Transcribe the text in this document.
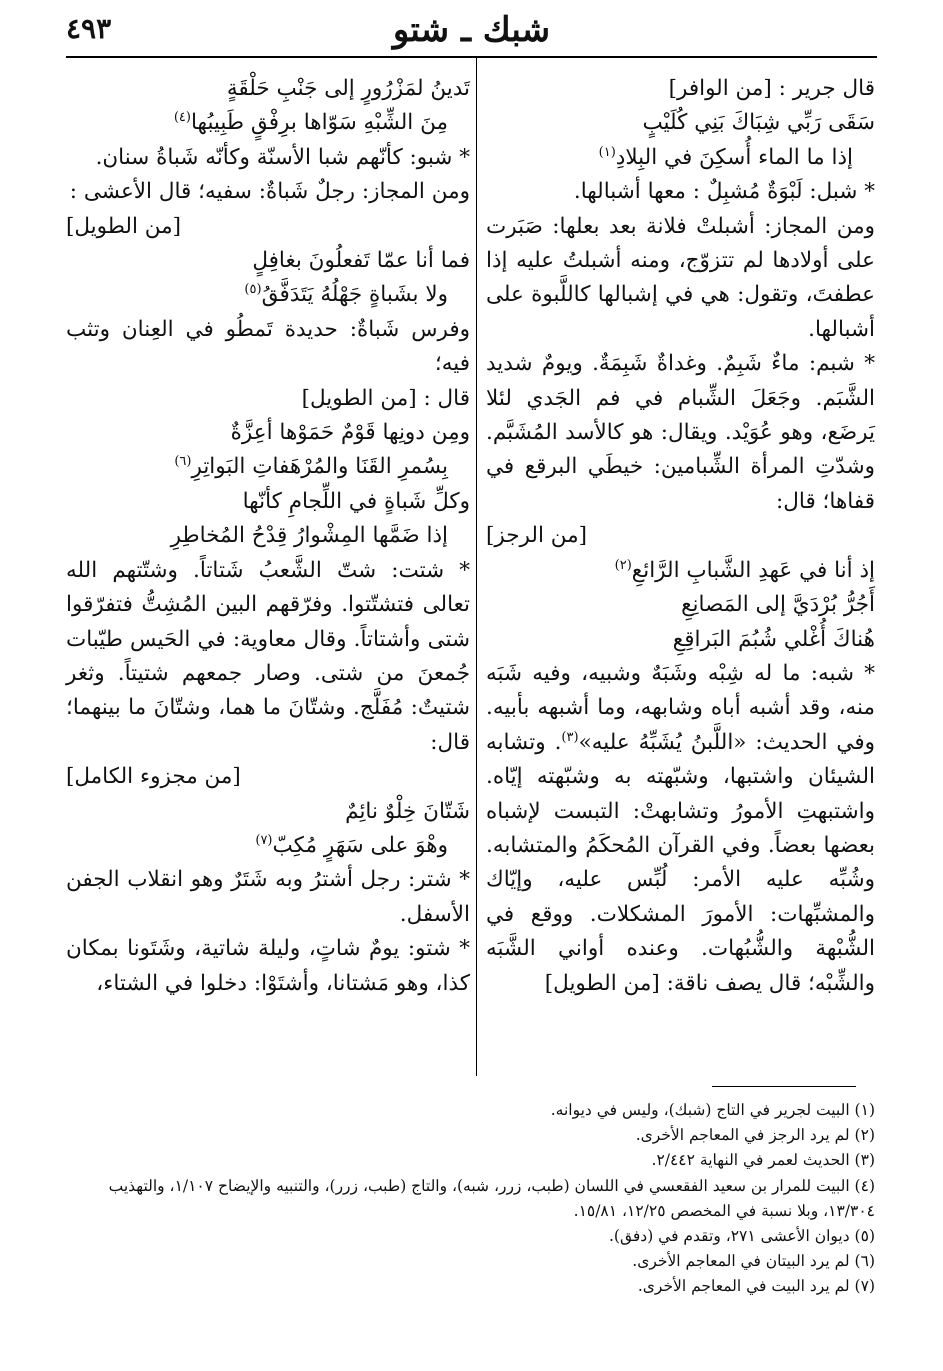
٤٩٣	شبك ـ شتو
قال جرير : [من الوافر]
سَقَى رَبِّي شِبَاكَ بَنِي كُلَيْبٍ
إذا ما الماء أُسكِنَ في البِلادِ$^{(١)}$
* شبل: لَبْوَةٌ مُشبِلٌ : معها أشبالها.
ومن المجاز: أشبلتْ فلانة بعد بعلها: صَبَرت على أولادها لم تتزوّج، ومنه أشبلتُ عليه إذا عطفتَ، وتقول: هي في إشبالها كاللَّبوة على أشبالها.
* شبم: ماءٌ شَبِمٌ. وغداةٌ شَبِمَةٌ. ويومٌ شديد الشَّبَم. وجَعَلَ الشِّبام في فم الجَدي لئلا يَرضَع، وهو عُوَيْد. ويقال: هو كالأسد المُشَبَّم. وشدّتِ المرأة الشِّبامين: خيطَي البرقع في قفاها؛ قال:
[من الرجز]
إذ أنا في عَهدِ الشَّبابِ الرَّائعِ$^{(٢)}$
أَجُرُّ بُرْدَيَّ إلى المَصانِعِ
هُناكَ أُغْلي شُبُمَ البَراقِعِ
* شبه: ما له شِبْه وشَبَهٌ وشبيه، وفيه شَبَه منه، وقد أشبه أباه وشابهه، وما أشبهه بأبيه. وفي الحديث: «اللَّبنُ يُشَبِّهُ عليه»$^{(٣)}$. وتشابه الشيئان واشتبها، وشبّهته به وشبّهته إيّاه. واشتبهتِ الأمورُ وتشابهتْ: التبست لإشباه بعضها بعضاً. وفي القرآن المُحكَمُ والمتشابه. وشُبِّه عليه الأمر: لُبِّس عليه، وإيّاك والمشبِّهات: الأمورَ المشكلات. ووقع في الشُّبْهة والشُّبُهات. وعنده أواني الشَّبَه والشِّبْه؛ قال يصف ناقة: [من الطويل]
تَدينُ لمَزْرُورٍ إلى جَنْبِ حَلْقَةٍ
مِنَ الشِّبْهِ سَوّاها برِفْقٍ طَبِيبُها$^{(٤)}$
* شبو: كأنّهم شبا الأسنّة وكأنّه شَباةُ سنان.
ومن المجاز: رجلٌ شَباةٌ: سفيه؛ قال الأعشى :
[من الطويل]
فما أنا عمّا تَفعلُونَ بغافِلٍ
ولا بشَباةٍ جَهْلُهُ يَتَدَفَّقُ$^{(٥)}$
وفرس شَباةٌ: حديدة تَمطُو في العِنان وتثب فيه؛
قال : [من الطويل]
ومِن دونِها قَوْمٌ حَمَوْها أعِزَّةٌ
بِسُمرِ القَنَا والمُرْهَفاتِ البَواتِرِ$^{(٦)}$
وكلِّ شَباةٍ في اللِّجامِ كأنّها
إذا ضَمَّها المِشْوارُ قِدْحُ المُخاطِرِ
* شتت: شتّ الشَّعبُ شَتاتاً. وشتّتهم الله تعالى فتشتّتوا. وفرّقهم البين المُشِتُّ فتفرّقوا شتى وأشتاتاً. وقال معاوية: في الحَيس طيّبات جُمعنَ من شتى. وصار جمعهم شتيتاً. وثغر شتيتٌ: مُفَلَّج. وشتّانَ ما هما، وشتّانَ ما بينهما؛ قال:
[من مجزوء الكامل]
شَتّانَ خِلْوٌ نائِمٌ
وهْوَ على سَهَرٍ مُكِبّ$^{(٧)}$
* شتر: رجل أشترُ وبه شَتَرٌ وهو انقلاب الجفن الأسفل.
* شتو: يومٌ شاتٍ، وليلة شاتية، وشَتَونا بمكان كذا، وهو مَشتانا، وأشتَوْا: دخلوا في الشتاء،
(١) البيت لجرير في التاج (شبك)، وليس في ديوانه.
(٢) لم يرد الرجز في المعاجم الأخرى.
(٣) الحديث لعمر في النهاية ٢/٤٤٢.
(٤) البيت للمرار بن سعيد الفقعسي في اللسان (طبب، زرر، شبه)، والتاج (طبب، زرر)، والتنبيه والإيضاح ١/١٠٧، والتهذيب ١٣/٣٠٤، وبلا نسبة في المخصص ١٢/٢٥، ١٥/٨١.
(٥) ديوان الأعشى ٢٧١، وتقدم في (دفق).
(٦) لم يرد البيتان في المعاجم الأخرى.
(٧) لم يرد البيت في المعاجم الأخرى.
